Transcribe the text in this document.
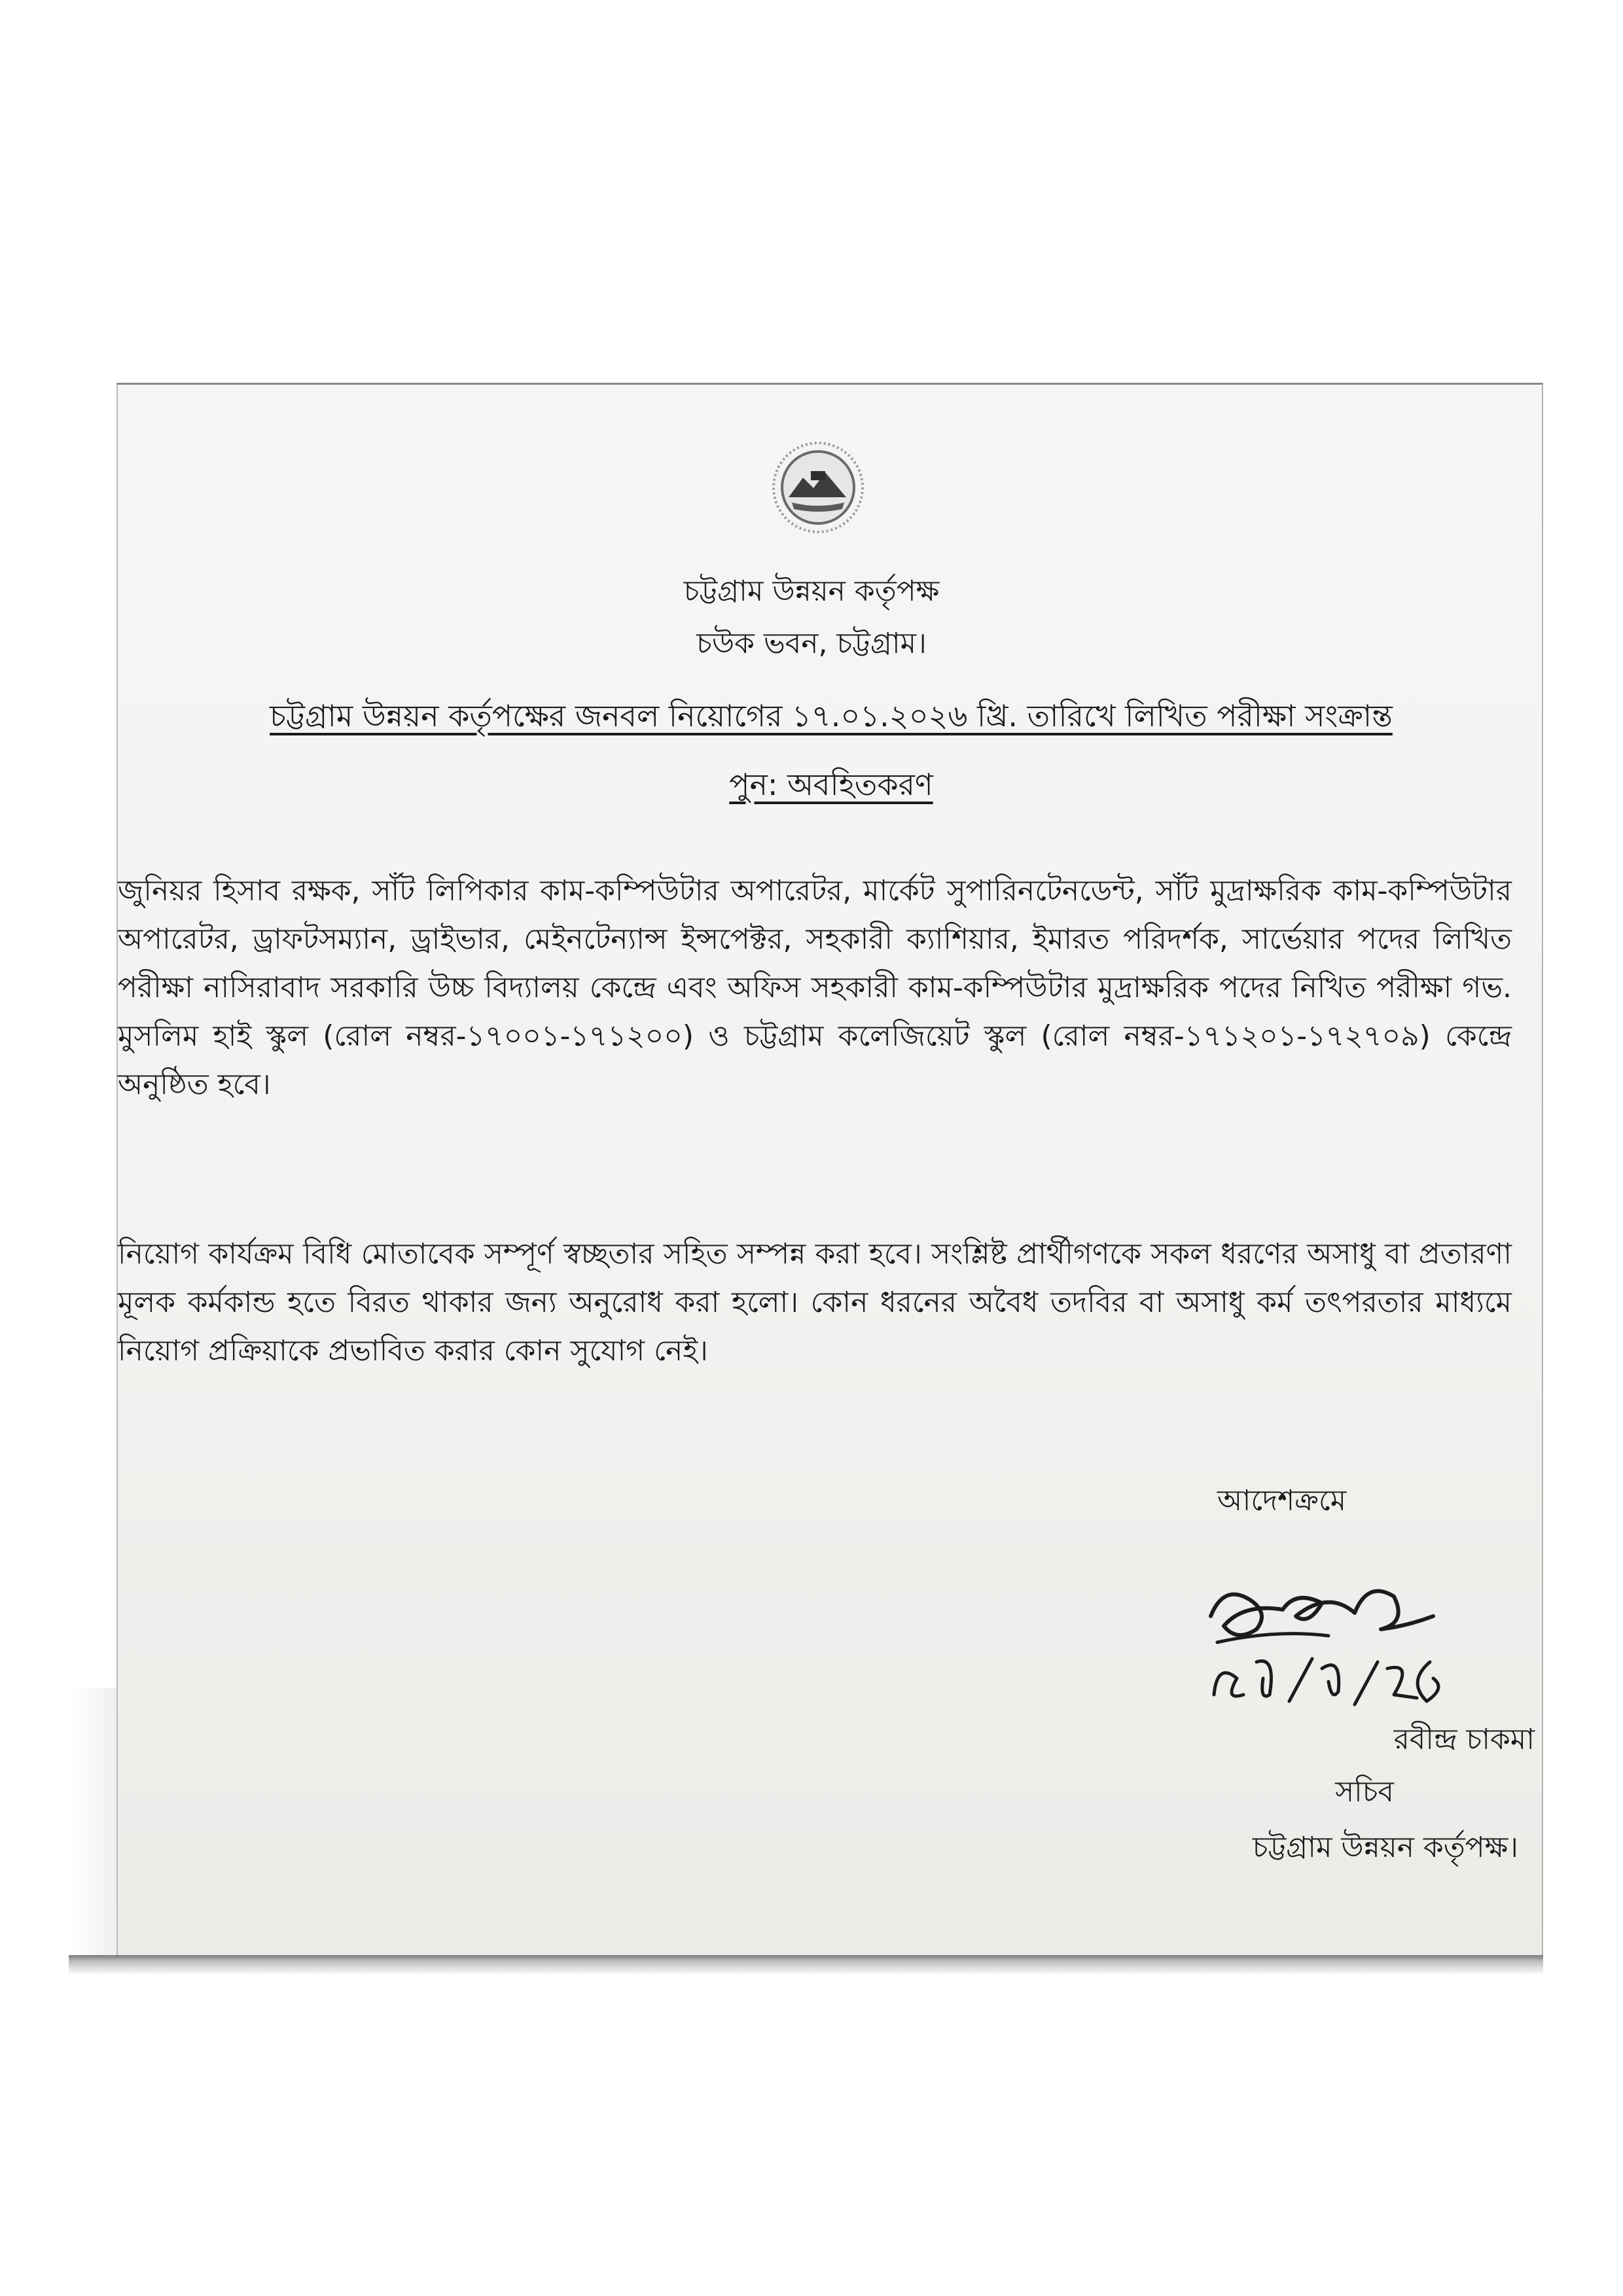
চট্টগ্রাম উন্নয়ন কর্তৃপক্ষ
চউক ভবন, চট্টগ্রাম।
চট্টগ্রাম উন্নয়ন কর্তৃপক্ষের জনবল নিয়োগের ১৭.০১.২০২৬ খ্রি. তারিখে লিখিত পরীক্ষা সংক্রান্ত
পুন: অবহিতকরণ
জুনিয়র হিসাব রক্ষক, সাঁট লিপিকার কাম-কম্পিউটার অপারেটর, মার্কেট সুপারিনটেনডেন্ট, সাঁট মুদ্রাক্ষরিক কাম-কম্পিউটার অপারেটর, ড্রাফটসম্যান, ড্রাইভার, মেইনটেন্যান্স ইন্সপেক্টর, সহকারী ক্যাশিয়ার, ইমারত পরিদর্শক, সার্ভেয়ার পদের লিখিত পরীক্ষা নাসিরাবাদ সরকারি উচ্চ বিদ্যালয় কেন্দ্রে এবং অফিস সহকারী কাম-কম্পিউটার মুদ্রাক্ষরিক পদের নিখিত পরীক্ষা গভ. মুসলিম হাই স্কুল (রোল নম্বর-১৭০০১-১৭১২০০) ও চট্টগ্রাম কলেজিয়েট স্কুল (রোল নম্বর-১৭১২০১-১৭২৭০৯) কেন্দ্রে অনুষ্ঠিত হবে।
নিয়োগ কার্যক্রম বিধি মোতাবেক সম্পূর্ণ স্বচ্ছতার সহিত সম্পন্ন করা হবে। সংশ্লিষ্ট প্রার্থীগণকে সকল ধরণের অসাধু বা প্রতারণা মূলক কর্মকান্ড হতে বিরত থাকার জন্য অনুরোধ করা হলো। কোন ধরনের অবৈধ তদবির বা অসাধু কর্ম তৎপরতার মাধ্যমে নিয়োগ প্রক্রিয়াকে প্রভাবিত করার কোন সুযোগ নেই।
আদেশক্রমে
রবীন্দ্র চাকমা
সচিব
চট্টগ্রাম উন্নয়ন কর্তৃপক্ষ।
